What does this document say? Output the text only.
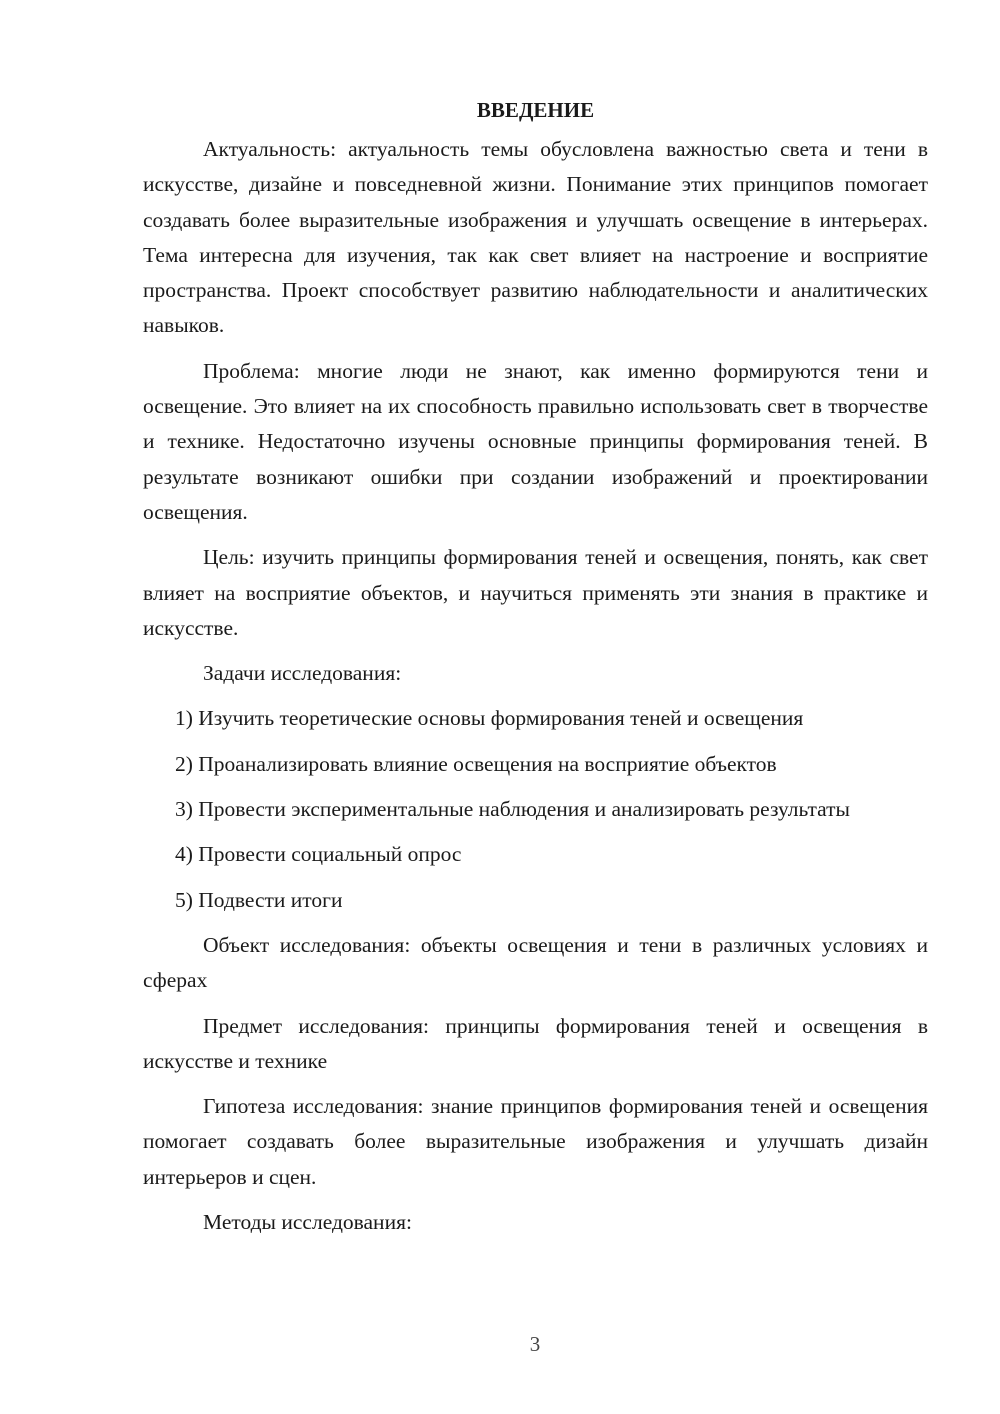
ВВЕДЕНИЕ

Актуальность: актуальность темы обусловлена важностью света и тени в искусстве, дизайне и повседневной жизни. Понимание этих принципов помогает создавать более выразительные изображения и улучшать освещение в интерьерах. Тема интересна для изучения, так как свет влияет на настроение и восприятие пространства. Проект способствует развитию наблюдательности и аналитических навыков.

Проблема: многие люди не знают, как именно формируются тени и освещение. Это влияет на их способность правильно использовать свет в творчестве и технике. Недостаточно изучены основные принципы формирования теней. В результате возникают ошибки при создании изображений и проектировании освещения.

Цель: изучить принципы формирования теней и освещения, понять, как свет влияет на восприятие объектов, и научиться применять эти знания в практике и искусстве.

Задачи исследования:

1) Изучить теоретические основы формирования теней и освещения

2) Проанализировать влияние освещения на восприятие объектов

3) Провести экспериментальные наблюдения и анализировать результаты

4) Провести социальный опрос

5) Подвести итоги

Объект исследования: объекты освещения и тени в различных условиях и сферах

Предмет исследования: принципы формирования теней и освещения в искусстве и технике

Гипотеза исследования: знание принципов формирования теней и освещения помогает создавать более выразительные изображения и улучшать дизайн интерьеров и сцен.

Методы исследования:

3
